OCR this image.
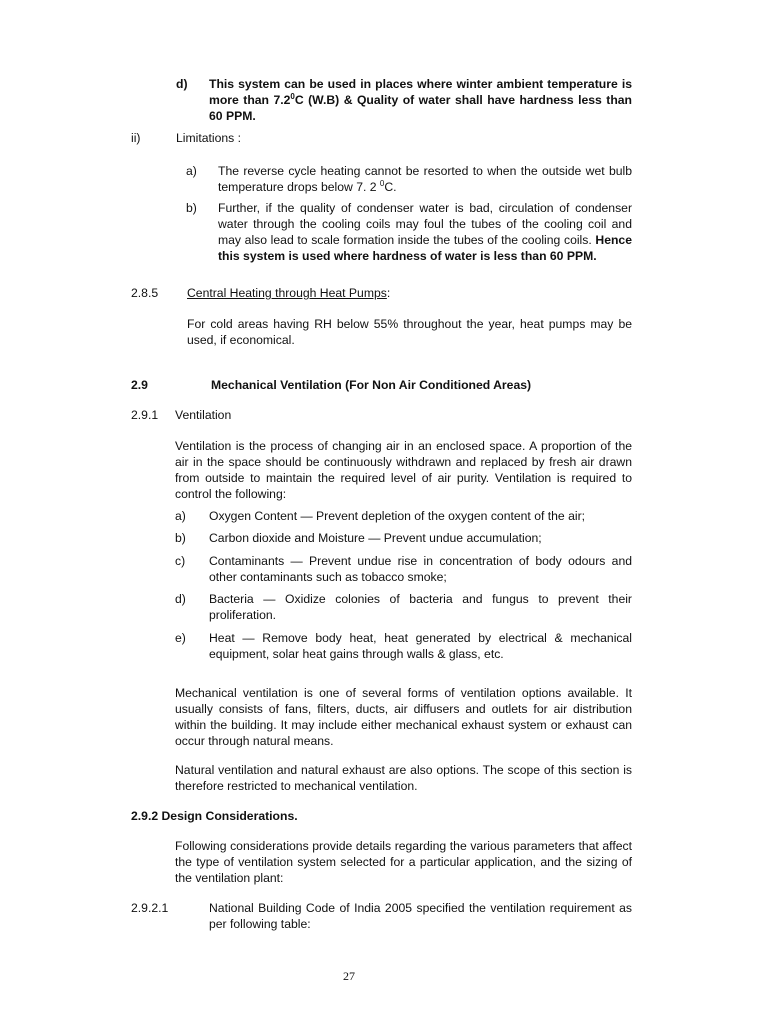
d) This system can be used in places where winter ambient temperature is more than $7.2^0C$ (W.B) & Quality of water shall have hardness less than 60 PPM.
ii)	Limitations :
a) The reverse cycle heating cannot be resorted to when the outside wet bulb temperature drops below 7. 2 $^0$C.
b) Further, if the quality of condenser water is bad, circulation of condenser water through the cooling coils may foul the tubes of the cooling coil and may also lead to scale formation inside the tubes of the cooling coils. Hence this system is used where hardness of water is less than 60 PPM.
2.8.5 Central Heating through Heat Pumps:
For cold areas having RH below 55% throughout the year, heat pumps may be used, if economical.
2.9	Mechanical Ventilation (For Non Air Conditioned Areas)
2.9.1 Ventilation
Ventilation is the process of changing air in an enclosed space. A proportion of the air in the space should be continuously withdrawn and replaced by fresh air drawn from outside to maintain the required level of air purity. Ventilation is required to control the following:
a) Oxygen Content — Prevent depletion of the oxygen content of the air;
b) Carbon dioxide and Moisture — Prevent undue accumulation;
c) Contaminants — Prevent undue rise in concentration of body odours and other contaminants such as tobacco smoke;
d) Bacteria — Oxidize colonies of bacteria and fungus to prevent their proliferation.
e) Heat — Remove body heat, heat generated by electrical & mechanical equipment, solar heat gains through walls & glass, etc.
Mechanical ventilation is one of several forms of ventilation options available. It usually consists of fans, filters, ducts, air diffusers and outlets for air distribution within the building. It may include either mechanical exhaust system or exhaust can occur through natural means.
Natural ventilation and natural exhaust are also options. The scope of this section is therefore restricted to mechanical ventilation.
2.9.2 Design Considerations.
Following considerations provide details regarding the various parameters that affect the type of ventilation system selected for a particular application, and the sizing of the ventilation plant:
2.9.2.1	National Building Code of India 2005 specified the ventilation requirement as per following table:
27
